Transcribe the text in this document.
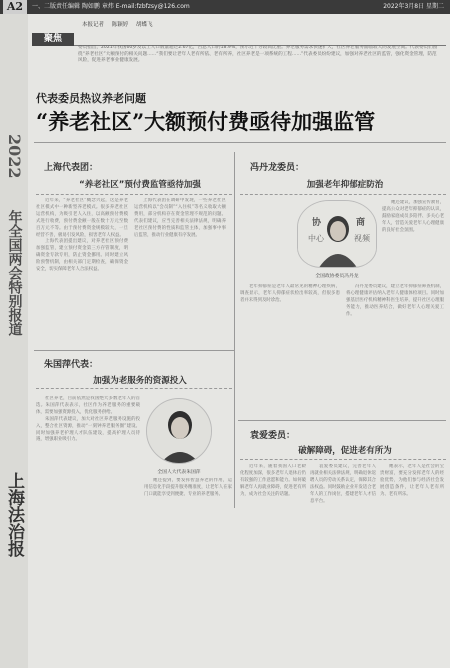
A2	一、二版责任编辑 陶如鹏 章炜 E-mail:fzbfzsy@126.com	2022年3月8日 星期二
2022
年全国两会特别报道
上海法治报
本报记者 陈颖婷 胡蝶飞
聚焦
委员指出，2021年我国60岁及以上人口数量超过2.67亿，占总人口的18.9%，预示近十分较高比重。养老服务需求快速扩大，社区养老服务面临较大的发展空间。代表委员们围绕“养老社区”大额预付的相关问题……“我们要让老年人老有所依、老有所养，社区养老是一项系统的工程……”代表委员纷纷建议，加强对养老社区的监管，强化资金管理，防范风险，促进养老事业健康发展。
代表委员热议养老问题
“养老社区”大额预付费亟待加强监管
上海代表团：
“养老社区”预付费监管亟待加强

近年来，“养老社区”概念兴起，这是养老社区模式中一种新型养老模式。很多养老社区运营机构，为吸引老人入住，以高额预付费模式进行收费，预付费金额一般在数十万元至数百万元不等。由于预付费资金规模较大，一旦经营不善，极易引发风险，损害老年人权益。

上海代表团提出建议，对养老社区预付费加强监管，建立预付资金第三方存管制度，明确资金专款专用，防止资金挪用。同时建立风险预警机制，由相关部门定期检查，确保资金安全，切实保障老年人合法权益。

上海代表团在调研中发现，一些养老社区运营机构以“会员制”“入住权”等名义收取大额费用，部分机构存在资金管理不规范的问题。代表们建议，应当完善相关法律法规，明确养老社区预付费的性质和监管主体，加强事中事后监管，推动行业健康有序发展。

冯丹龙委员：
加强老年抑郁症防治
协	商
中心	视频
全国政协委员冯丹龙

她还建议，加强宣传教育，提高公众对老年抑郁症的认识，鼓励家庭成员多陪伴、多关心老年人，营造关爱老年人心理健康的良好社会氛围。

老年抑郁症是老年人最常见的精神心理疾病，调查显示，老年人抑郁症状检出率较高，但很多患者并未得到及时诊治。

冯丹龙委员建议，建立老年抑郁症筛查机制，将心理健康评估纳入老年人健康体检项目。同时加强基层医疗机构精神科医生培养，提升社区心理服务能力，推动医养结合，做好老年人心理关爱工作。

朱国萍代表：
加强为老服务的资源投入
全国人大代表朱国萍

社区养老，目前依然是我国绝大多数老年人的首选。朱国萍代表表示，社区作为养老服务的重要载体，需要加强资源投入，优化服务供给。

朱国萍代表建议，加大对社区养老服务设施的投入，整合社区资源，推动“一刻钟养老服务圈”建设。同时加强养老护理人才队伍建设，提高护理人员待遇，增强职业吸引力。

她还提到，要发挥智慧养老的作用，运用信息化手段提升服务精准度，让老年人在家门口就能享受到便捷、专业的养老服务。

袁爱委员：
破解障碍，促进老有所为

近年来，随着我国人口老龄化程度加深，很多老年人退休后仍有较强的工作意愿和能力。如何破解老年人再就业障碍，促进老有所为，成为社会关注的话题。

袁爱委员建议，完善老年人再就业相关法律法规，明确退休返聘人员的劳动关系认定，保障其合法权益。同时鼓励企业开发适合老年人的工作岗位，搭建老年人才信息平台。

她表示，老年人是社会的宝贵财富，要充分发挥老年人的经验优势，为他们参与经济社会发展创造条件，让老年人老有所为、老有所乐。
